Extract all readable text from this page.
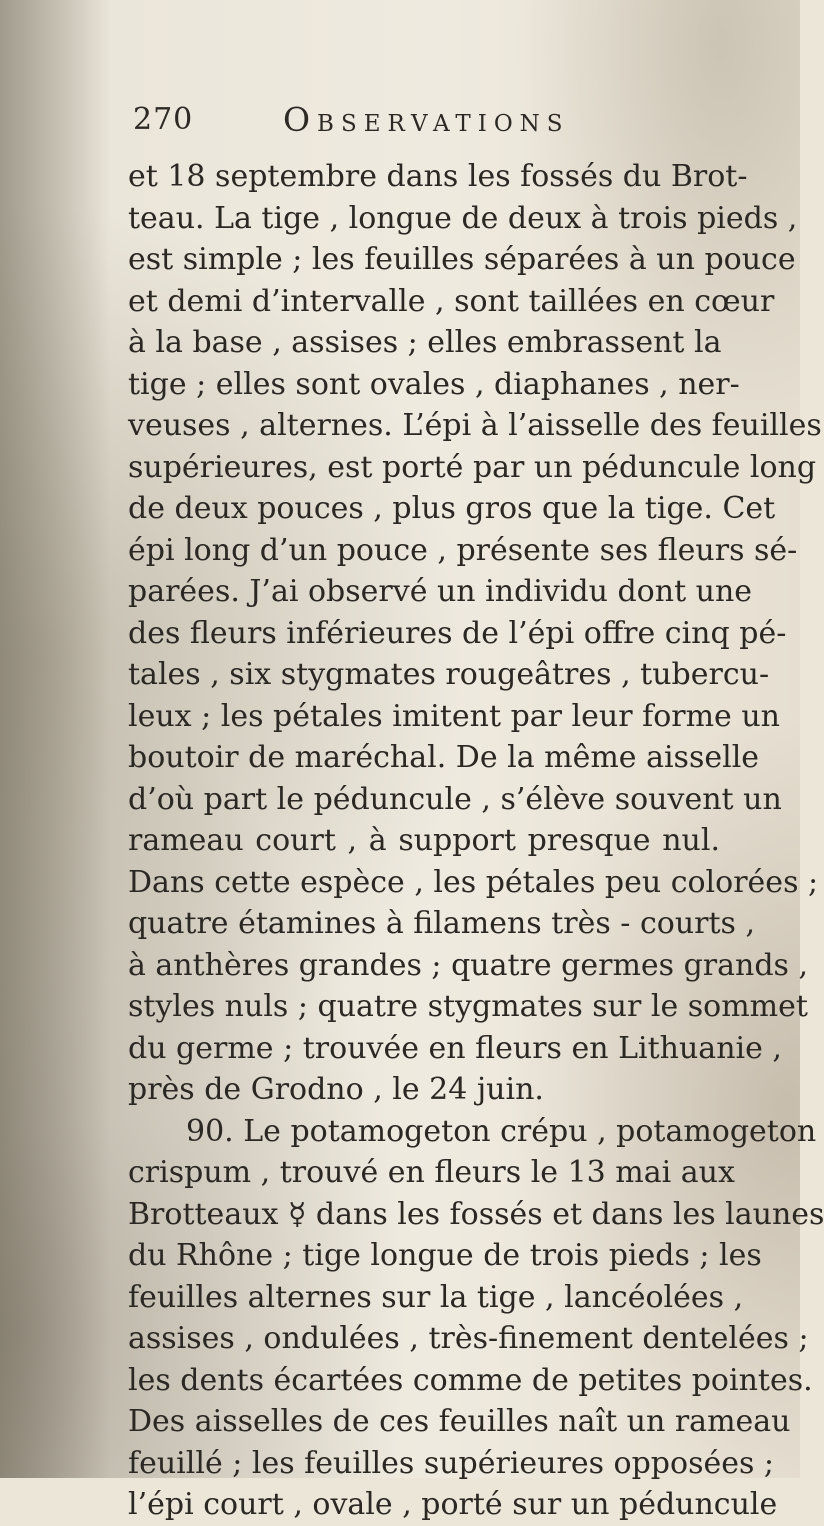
270	Observations
et 18 septembre dans les fossés du Brot-
teau. La tige , longue de deux à trois pieds ,
est simple ; les feuilles séparées à un pouce
et demi d’intervalle , sont taillées en cœur
à la base , assises ; elles embrassent la
tige ; elles sont ovales , diaphanes , ner-
veuses , alternes. L’épi à l’aisselle des feuilles
supérieures, est porté par un péduncule long
de deux pouces , plus gros que la tige. Cet
épi long d’un pouce , présente ses fleurs sé-
parées. J’ai observé un individu dont une
des fleurs inférieures de l’épi offre cinq pé-
tales , six stygmates rougeâtres , tubercu-
leux ; les pétales imitent par leur forme un
boutoir de maréchal. De la même aisselle
d’où part le péduncule , s’élève souvent un
rameau court , à support presque nul.
Dans cette espèce , les pétales peu colorées ;
quatre étamines à filamens très - courts ,
à anthères grandes ; quatre germes grands ,
styles nuls ; quatre stygmates sur le sommet
du germe ; trouvée en fleurs en Lithuanie ,
près de Grodno , le 24 juin.
90. Le potamogeton crépu , potamogeton
crispum , trouvé en fleurs le 13 mai aux
Brotteaux ☿ dans les fossés et dans les launes
du Rhône ; tige longue de trois pieds ; les
feuilles alternes sur la tige , lancéolées ,
assises , ondulées , très-finement dentelées ;
les dents écartées comme de petites pointes.
Des aisselles de ces feuilles naît un rameau
feuillé ; les feuilles supérieures opposées ;
l’épi court , ovale , porté sur un péduncule
